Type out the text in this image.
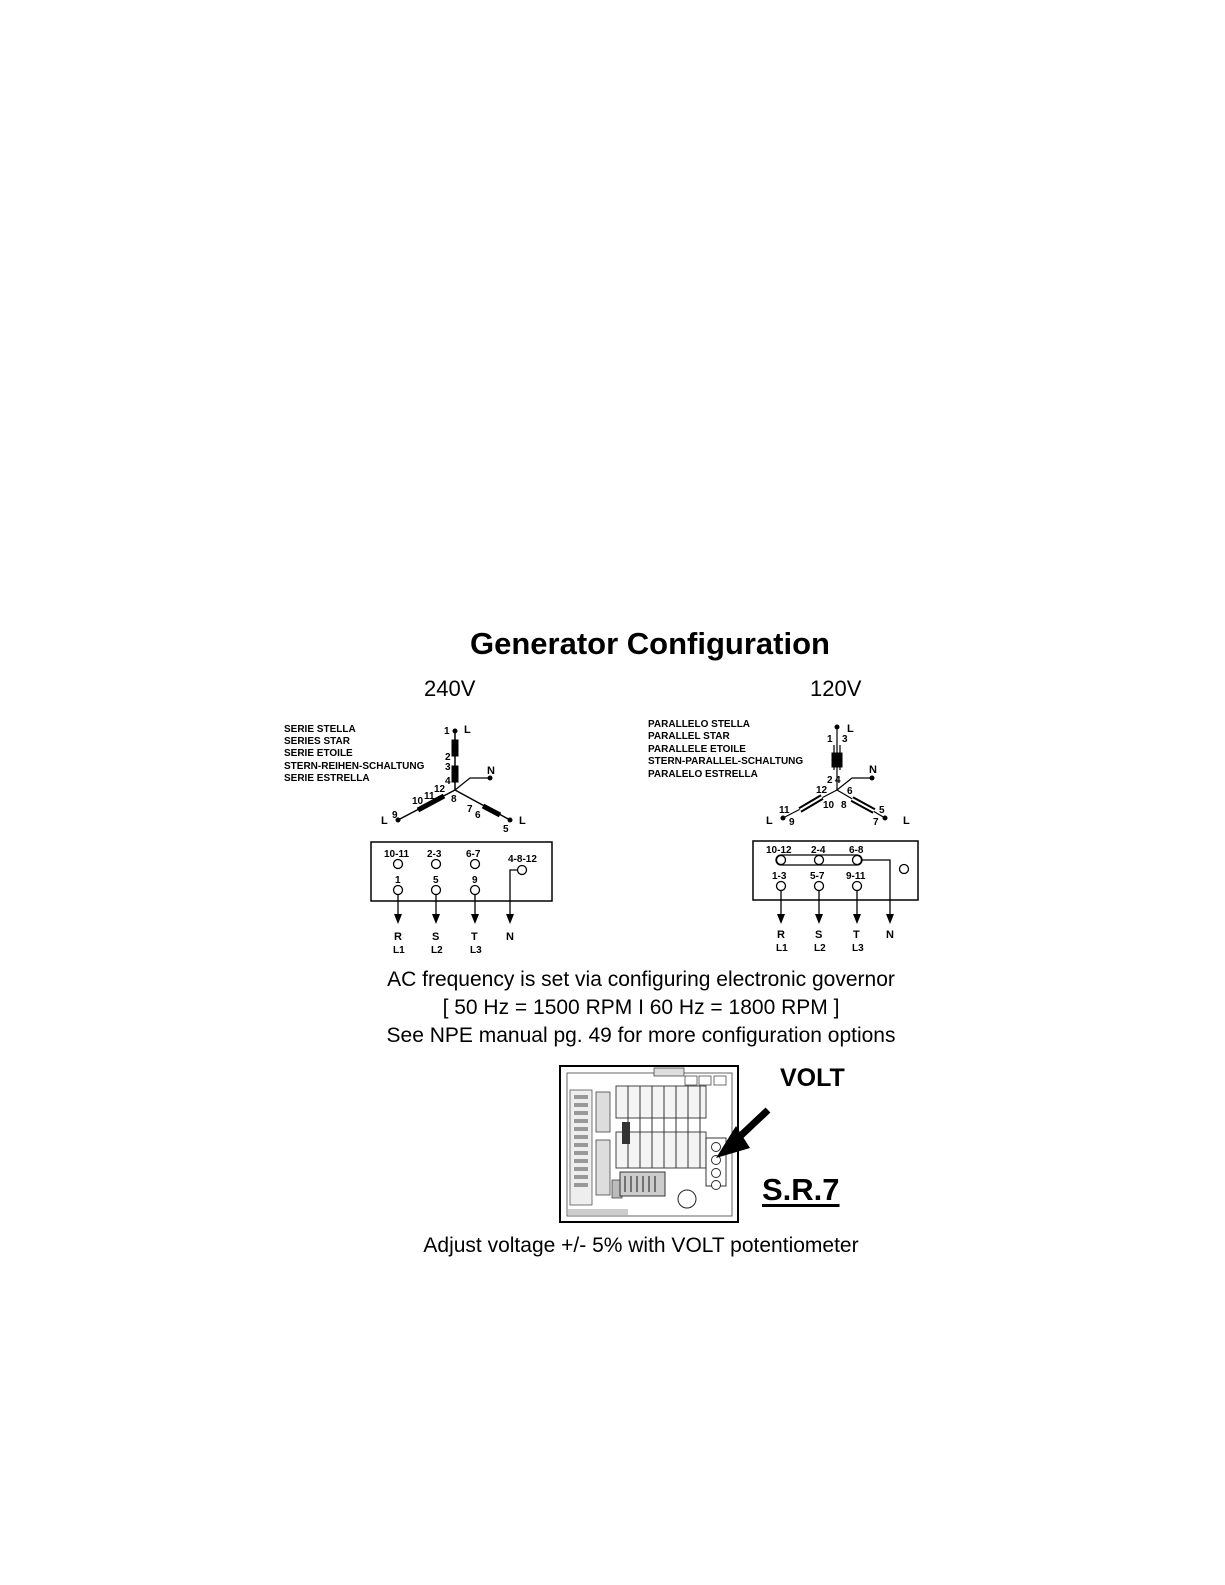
Generator Configuration
240V	120V
SERIE STELLA
SERIES STAR
SERIE ETOILE
STERN-REIHEN-SCHALTUNG
SERIE ESTRELLA
1
2
3
4
12
11
10
9
8
7
6
5
L
L	L
N
10-11 2-3 6-7	4-8-12
1	5	9
R	S	T	N
L1	L2	L3
PARALLELO STELLA
PARALLEL STAR
PARALLELE ETOILE
STERN-PARALLEL-SCHALTUNG
PARALELO ESTRELLA
1 3
2 4
12 6
10 8
11
9
5
7
L
L	L
N
10-12 2-4 6-8
1-3 5-7 9-11
R	S	T N
L1	L2	L3
VOLT
S.R.7
AC frequency is set via configuring electronic governor
[ 50 Hz = 1500 RPM I 60 Hz = 1800 RPM ]
See NPE manual pg. 49 for more configuration options
Adjust voltage +/- 5% with VOLT potentiometer
